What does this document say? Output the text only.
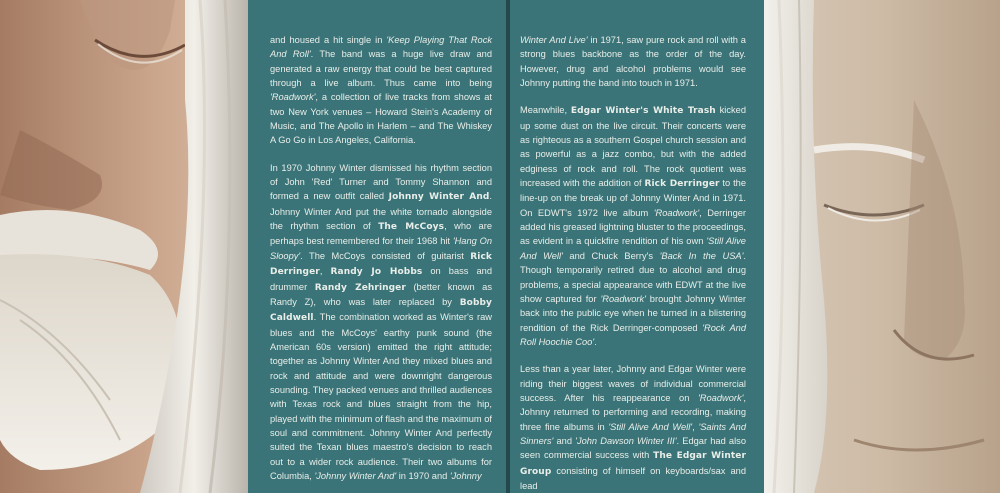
and housed a hit single in 'Keep Playing That Rock And Roll'. The band was a huge live draw and generated a raw energy that could be best captured through a live album. Thus came into being 'Roadwork', a collection of live tracks from shows at two New York venues – Howard Stein's Academy of Music, and The Apollo in Harlem – and The Whiskey A Go Go in Los Angeles, California.

In 1970 Johnny Winter dismissed his rhythm section of John 'Red' Turner and Tommy Shannon and formed a new outfit called Johnny Winter And. Johnny Winter And put the white tornado alongside the rhythm section of The McCoys, who are perhaps best remembered for their 1968 hit 'Hang On Sloopy'. The McCoys consisted of guitarist Rick Derringer, Randy Jo Hobbs on bass and drummer Randy Zehringer (better known as Randy Z), who was later replaced by Bobby Caldwell. The combination worked as Winter's raw blues and the McCoys' earthy punk sound (the American 60s version) emitted the right attitude; together as Johnny Winter And they mixed blues and rock and attitude and were downright dangerous sounding. They packed venues and thrilled audiences with Texas rock and blues straight from the hip, played with the minimum of flash and the maximum of soul and commitment. Johnny Winter And perfectly suited the Texan blues maestro's decision to reach out to a wider rock audience. Their two albums for Columbia, 'Johnny Winter And' in 1970 and 'Johnny

Winter And Live' in 1971, saw pure rock and roll with a strong blues backbone as the order of the day. However, drug and alcohol problems would see Johnny putting the band into touch in 1971.

Meanwhile, Edgar Winter's White Trash kicked up some dust on the live circuit. Their concerts were as righteous as a southern Gospel church session and as powerful as a jazz combo, but with the added edginess of rock and roll. The rock quotient was increased with the addition of Rick Derringer to the line-up on the break up of Johnny Winter And in 1971. On EDWT's 1972 live album 'Roadwork', Derringer added his greased lightning bluster to the proceedings, as evident in a quickfire rendition of his own 'Still Alive And Well' and Chuck Berry's 'Back In the USA'. Though temporarily retired due to alcohol and drug problems, a special appearance with EDWT at the live show captured for 'Roadwork' brought Johnny Winter back into the public eye when he turned in a blistering rendition of the Rick Derringer-composed 'Rock And Roll Hoochie Coo'.

Less than a year later, Johnny and Edgar Winter were riding their biggest waves of individual commercial success. After his reappearance on 'Roadwork', Johnny returned to performing and recording, making three fine albums in 'Still Alive And Well', 'Saints And Sinners' and 'John Dawson Winter III'. Edgar had also seen commercial success with The Edgar Winter Group consisting of himself on keyboards/sax and lead
